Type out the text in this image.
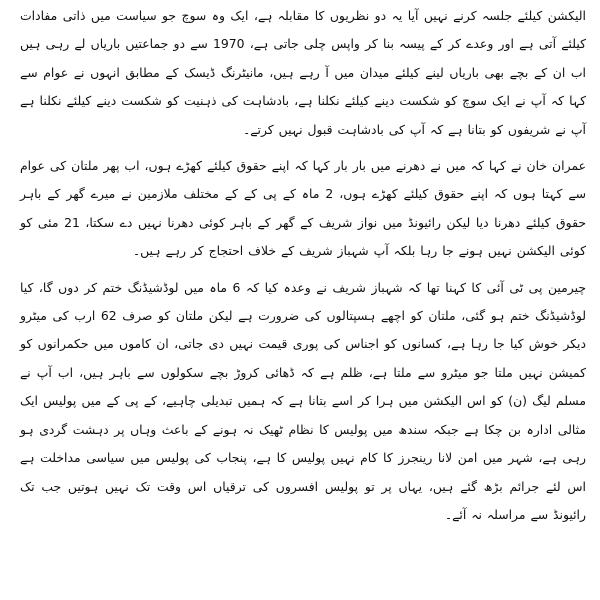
الیکشن کیلئے جلسہ کرنے نہیں آیا یہ دو نظریوں کا مقابلہ ہے، ایک وہ سوچ جو سیاست میں ذاتی مفادات کیلئے آتی ہے اور وعدے کر کے پیسہ بنا کر واپس چلی جاتی ہے، 1970 سے دو جماعتیں باریاں لے رہی ہیں اب ان کے بچے بھی باریاں لینے کیلئے میدان میں آ رہے ہیں، مانیٹرنگ ڈیسک کے مطابق انہوں نے عوام سے کہا کہ آپ نے ایک سوچ کو شکست دینے کیلئے نکلنا ہے، بادشاہت کی ذہنیت کو شکست دینے کیلئے نکلنا ہے آپ نے شریفوں کو بتانا ہے کہ آپ کی بادشاہت قبول نہیں کرتے۔

عمران خان نے کہا کہ میں نے دھرنے میں بار بار کہا کہ اپنے حقوق کیلئے کھڑے ہوں، اب پھر ملتان کی عوام سے کہتا ہوں کہ اپنے حقوق کیلئے کھڑے ہوں، 2 ماہ کے پی کے کے مختلف ملازمین نے میرے گھر کے باہر حقوق کیلئے دھرنا دیا لیکن رائیونڈ میں نواز شریف کے گھر کے باہر کوئی دھرنا نہیں دے سکتا، 21 مئی کو کوئی الیکشن نہیں ہونے جا رہا بلکہ آپ شہباز شریف کے خلاف احتجاج کر رہے ہیں۔

چیرمین پی ٹی آئی کا کہنا تھا کہ شہباز شریف نے وعدہ کیا کہ 6 ماہ میں لوڈشیڈنگ ختم کر دوں گا، کیا لوڈشیڈنگ ختم ہو گئی، ملتان کو اچھے ہسپتالوں کی ضرورت ہے لیکن ملتان کو صرف 62 ارب کی میٹرو دیکر خوش کیا جا رہا ہے، کسانوں کو اجناس کی پوری قیمت نہیں دی جاتی، ان کاموں میں حکمرانوں کو کمیشن نہیں ملتا جو میٹرو سے ملتا ہے، ظلم ہے کہ ڈھائی کروڑ بچے سکولوں سے باہر ہیں، اب آپ نے مسلم لیگ (ن) کو اس الیکشن میں ہرا کر اسے بتانا ہے کہ ہمیں تبدیلی چاہیے، کے پی کے میں پولیس ایک مثالی ادارہ بن چکا ہے جبکہ سندھ میں پولیس کا نظام ٹھیک نہ ہونے کے باعث وہاں پر دہشت گردی ہو رہی ہے، شہر میں امن لانا رینجرز کا کام نہیں پولیس کا ہے، پنجاب کی پولیس میں سیاسی مداخلت ہے اس لئے جرائم بڑھ گئے ہیں، یہاں پر تو پولیس افسروں کی ترقیاں اس وقت تک نہیں ہوتیں جب تک رائیونڈ سے مراسلہ نہ آئے۔
